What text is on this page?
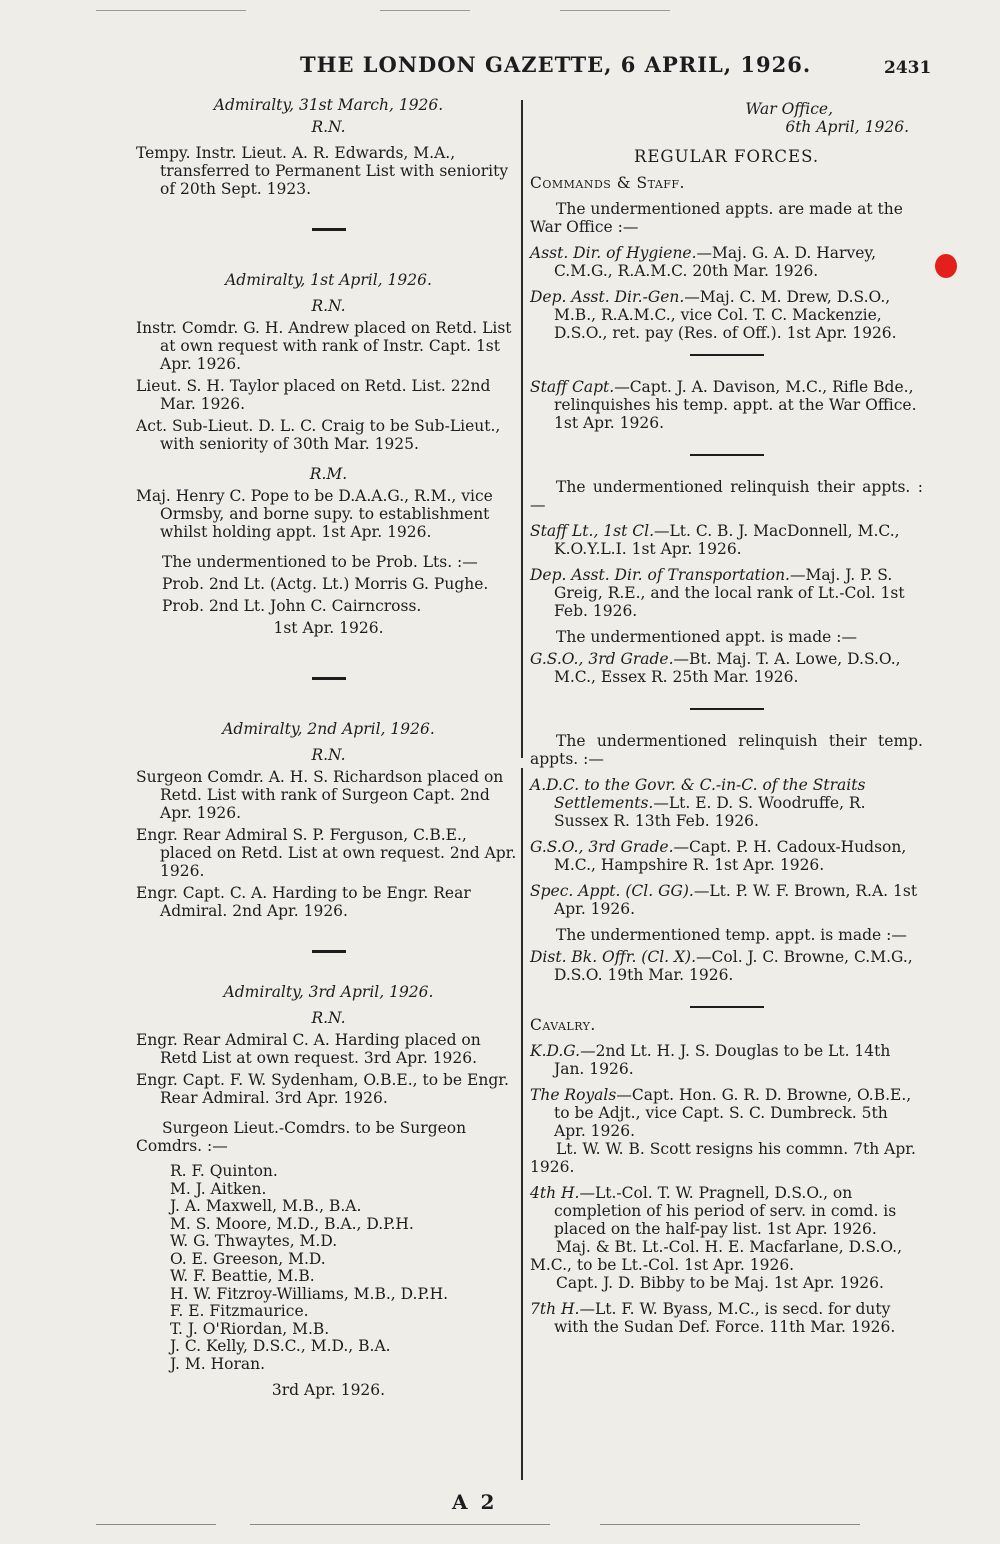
THE LONDON GAZETTE, 6 APRIL, 1926.	2431
Admiralty, 31st March, 1926.
R.N.
Tempy. Instr. Lieut. A. R. Edwards, M.A., transferred to Permanent List with seniority of 20th Sept. 1923.
Admiralty, 1st April, 1926.
R.N.
Instr. Comdr. G. H. Andrew placed on Retd. List at own request with rank of Instr. Capt. 1st Apr. 1926.
Lieut. S. H. Taylor placed on Retd. List. 22nd Mar. 1926.
Act. Sub-Lieut. D. L. C. Craig to be Sub-Lieut., with seniority of 30th Mar. 1925.
R.M.
Maj. Henry C. Pope to be D.A.A.G., R.M., vice Ormsby, and borne supy. to establishment whilst holding appt. 1st Apr. 1926.
The undermentioned to be Prob. Lts. :—
Prob. 2nd Lt. (Actg. Lt.) Morris G. Pughe.
Prob. 2nd Lt. John C. Cairncross.
1st Apr. 1926.
Admiralty, 2nd April, 1926.
R.N.
Surgeon Comdr. A. H. S. Richardson placed on Retd. List with rank of Surgeon Capt. 2nd Apr. 1926.
Engr. Rear Admiral S. P. Ferguson, C.B.E., placed on Retd. List at own request. 2nd Apr. 1926.
Engr. Capt. C. A. Harding to be Engr. Rear Admiral. 2nd Apr. 1926.
Admiralty, 3rd April, 1926.
R.N.
Engr. Rear Admiral C. A. Harding placed on Retd List at own request. 3rd Apr. 1926.
Engr. Capt. F. W. Sydenham, O.B.E., to be Engr. Rear Admiral. 3rd Apr. 1926.
Surgeon Lieut.-Comdrs. to be Surgeon Comdrs. :—
R. F. Quinton.
M. J. Aitken.
J. A. Maxwell, M.B., B.A.
M. S. Moore, M.D., B.A., D.P.H.
W. G. Thwaytes, M.D.
O. E. Greeson, M.D.
W. F. Beattie, M.B.
H. W. Fitzroy-Williams, M.B., D.P.H.
F. E. Fitzmaurice.
T. J. O'Riordan, M.B.
J. C. Kelly, D.S.C., M.D., B.A.
J. M. Horan.
3rd Apr. 1926.
War Office,
6th April, 1926.
REGULAR FORCES.
Commands & Staff.
The undermentioned appts. are made at the War Office :—
Asst. Dir. of Hygiene.—Maj. G. A. D. Harvey, C.M.G., R.A.M.C. 20th Mar. 1926.
Dep. Asst. Dir.-Gen.—Maj. C. M. Drew, D.S.O., M.B., R.A.M.C., vice Col. T. C. Mackenzie, D.S.O., ret. pay (Res. of Off.). 1st Apr. 1926.
Staff Capt.—Capt. J. A. Davison, M.C., Rifle Bde., relinquishes his temp. appt. at the War Office. 1st Apr. 1926.
The undermentioned relinquish their appts. :—
Staff Lt., 1st Cl.—Lt. C. B. J. MacDonnell, M.C., K.O.Y.L.I. 1st Apr. 1926.
Dep. Asst. Dir. of Transportation.—Maj. J. P. S. Greig, R.E., and the local rank of Lt.-Col. 1st Feb. 1926.
The undermentioned appt. is made :—
G.S.O., 3rd Grade.—Bt. Maj. T. A. Lowe, D.S.O., M.C., Essex R. 25th Mar. 1926.
The undermentioned relinquish their temp. appts. :—
A.D.C. to the Govr. & C.-in-C. of the Straits Settlements.—Lt. E. D. S. Woodruffe, R. Sussex R. 13th Feb. 1926.
G.S.O., 3rd Grade.—Capt. P. H. Cadoux-Hudson, M.C., Hampshire R. 1st Apr. 1926.
Spec. Appt. (Cl. GG).—Lt. P. W. F. Brown, R.A. 1st Apr. 1926.
The undermentioned temp. appt. is made :—
Dist. Bk. Offr. (Cl. X).—Col. J. C. Browne, C.M.G., D.S.O. 19th Mar. 1926.
Cavalry.
K.D.G.—2nd Lt. H. J. S. Douglas to be Lt. 14th Jan. 1926.
The Royals—Capt. Hon. G. R. D. Browne, O.B.E., to be Adjt., vice Capt. S. C. Dumbreck. 5th Apr. 1926.
Lt. W. W. B. Scott resigns his commn. 7th Apr. 1926.
4th H.—Lt.-Col. T. W. Pragnell, D.S.O., on completion of his period of serv. in comd. is placed on the half-pay list. 1st Apr. 1926.
Maj. & Bt. Lt.-Col. H. E. Macfarlane, D.S.O., M.C., to be Lt.-Col. 1st Apr. 1926.
Capt. J. D. Bibby to be Maj. 1st Apr. 1926.
7th H.—Lt. F. W. Byass, M.C., is secd. for duty with the Sudan Def. Force. 11th Mar. 1926.
A 2
